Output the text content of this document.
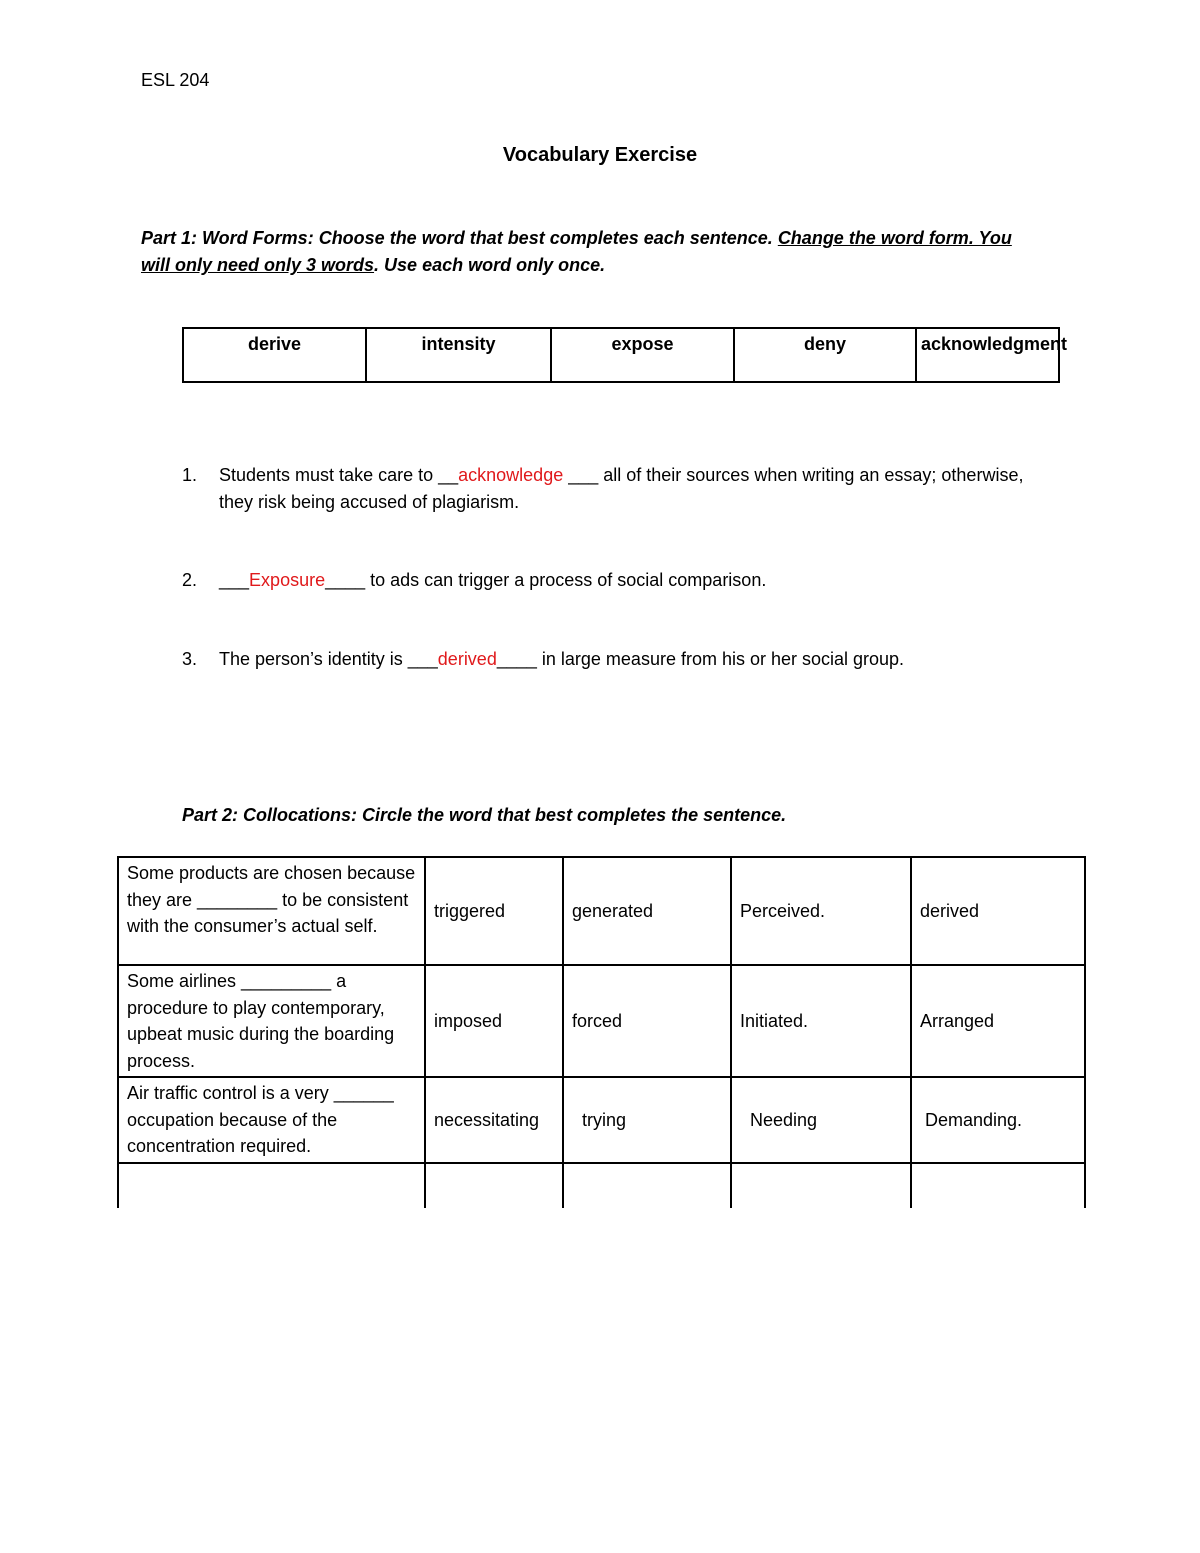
ESL 204
Vocabulary Exercise
Part 1: Word Forms: Choose the word that best completes each sentence. Change the word form. You will only need only 3 words. Use each word only once.
derive	intensity	expose	deny	acknowledgment
1.	Students must take care to __acknowledge ___ all of their sources when writing an essay; otherwise, they risk being accused of plagiarism.
2.	___Exposure____ to ads can trigger a process of social comparison.
3.	The person’s identity is ___derived____ in large measure from his or her social group.
Part 2: Collocations: Circle the word that best completes the sentence.
Some products are chosen because they are ________ to be consistent with the consumer’s actual self.	triggered	generated	Perceived.	derived
Some airlines _________ a procedure to play contemporary, upbeat music during the boarding process.	imposed	forced	Initiated.	Arranged
Air traffic control is a very ______ occupation because of the concentration required.	necessitating	trying	Needing	Demanding.
